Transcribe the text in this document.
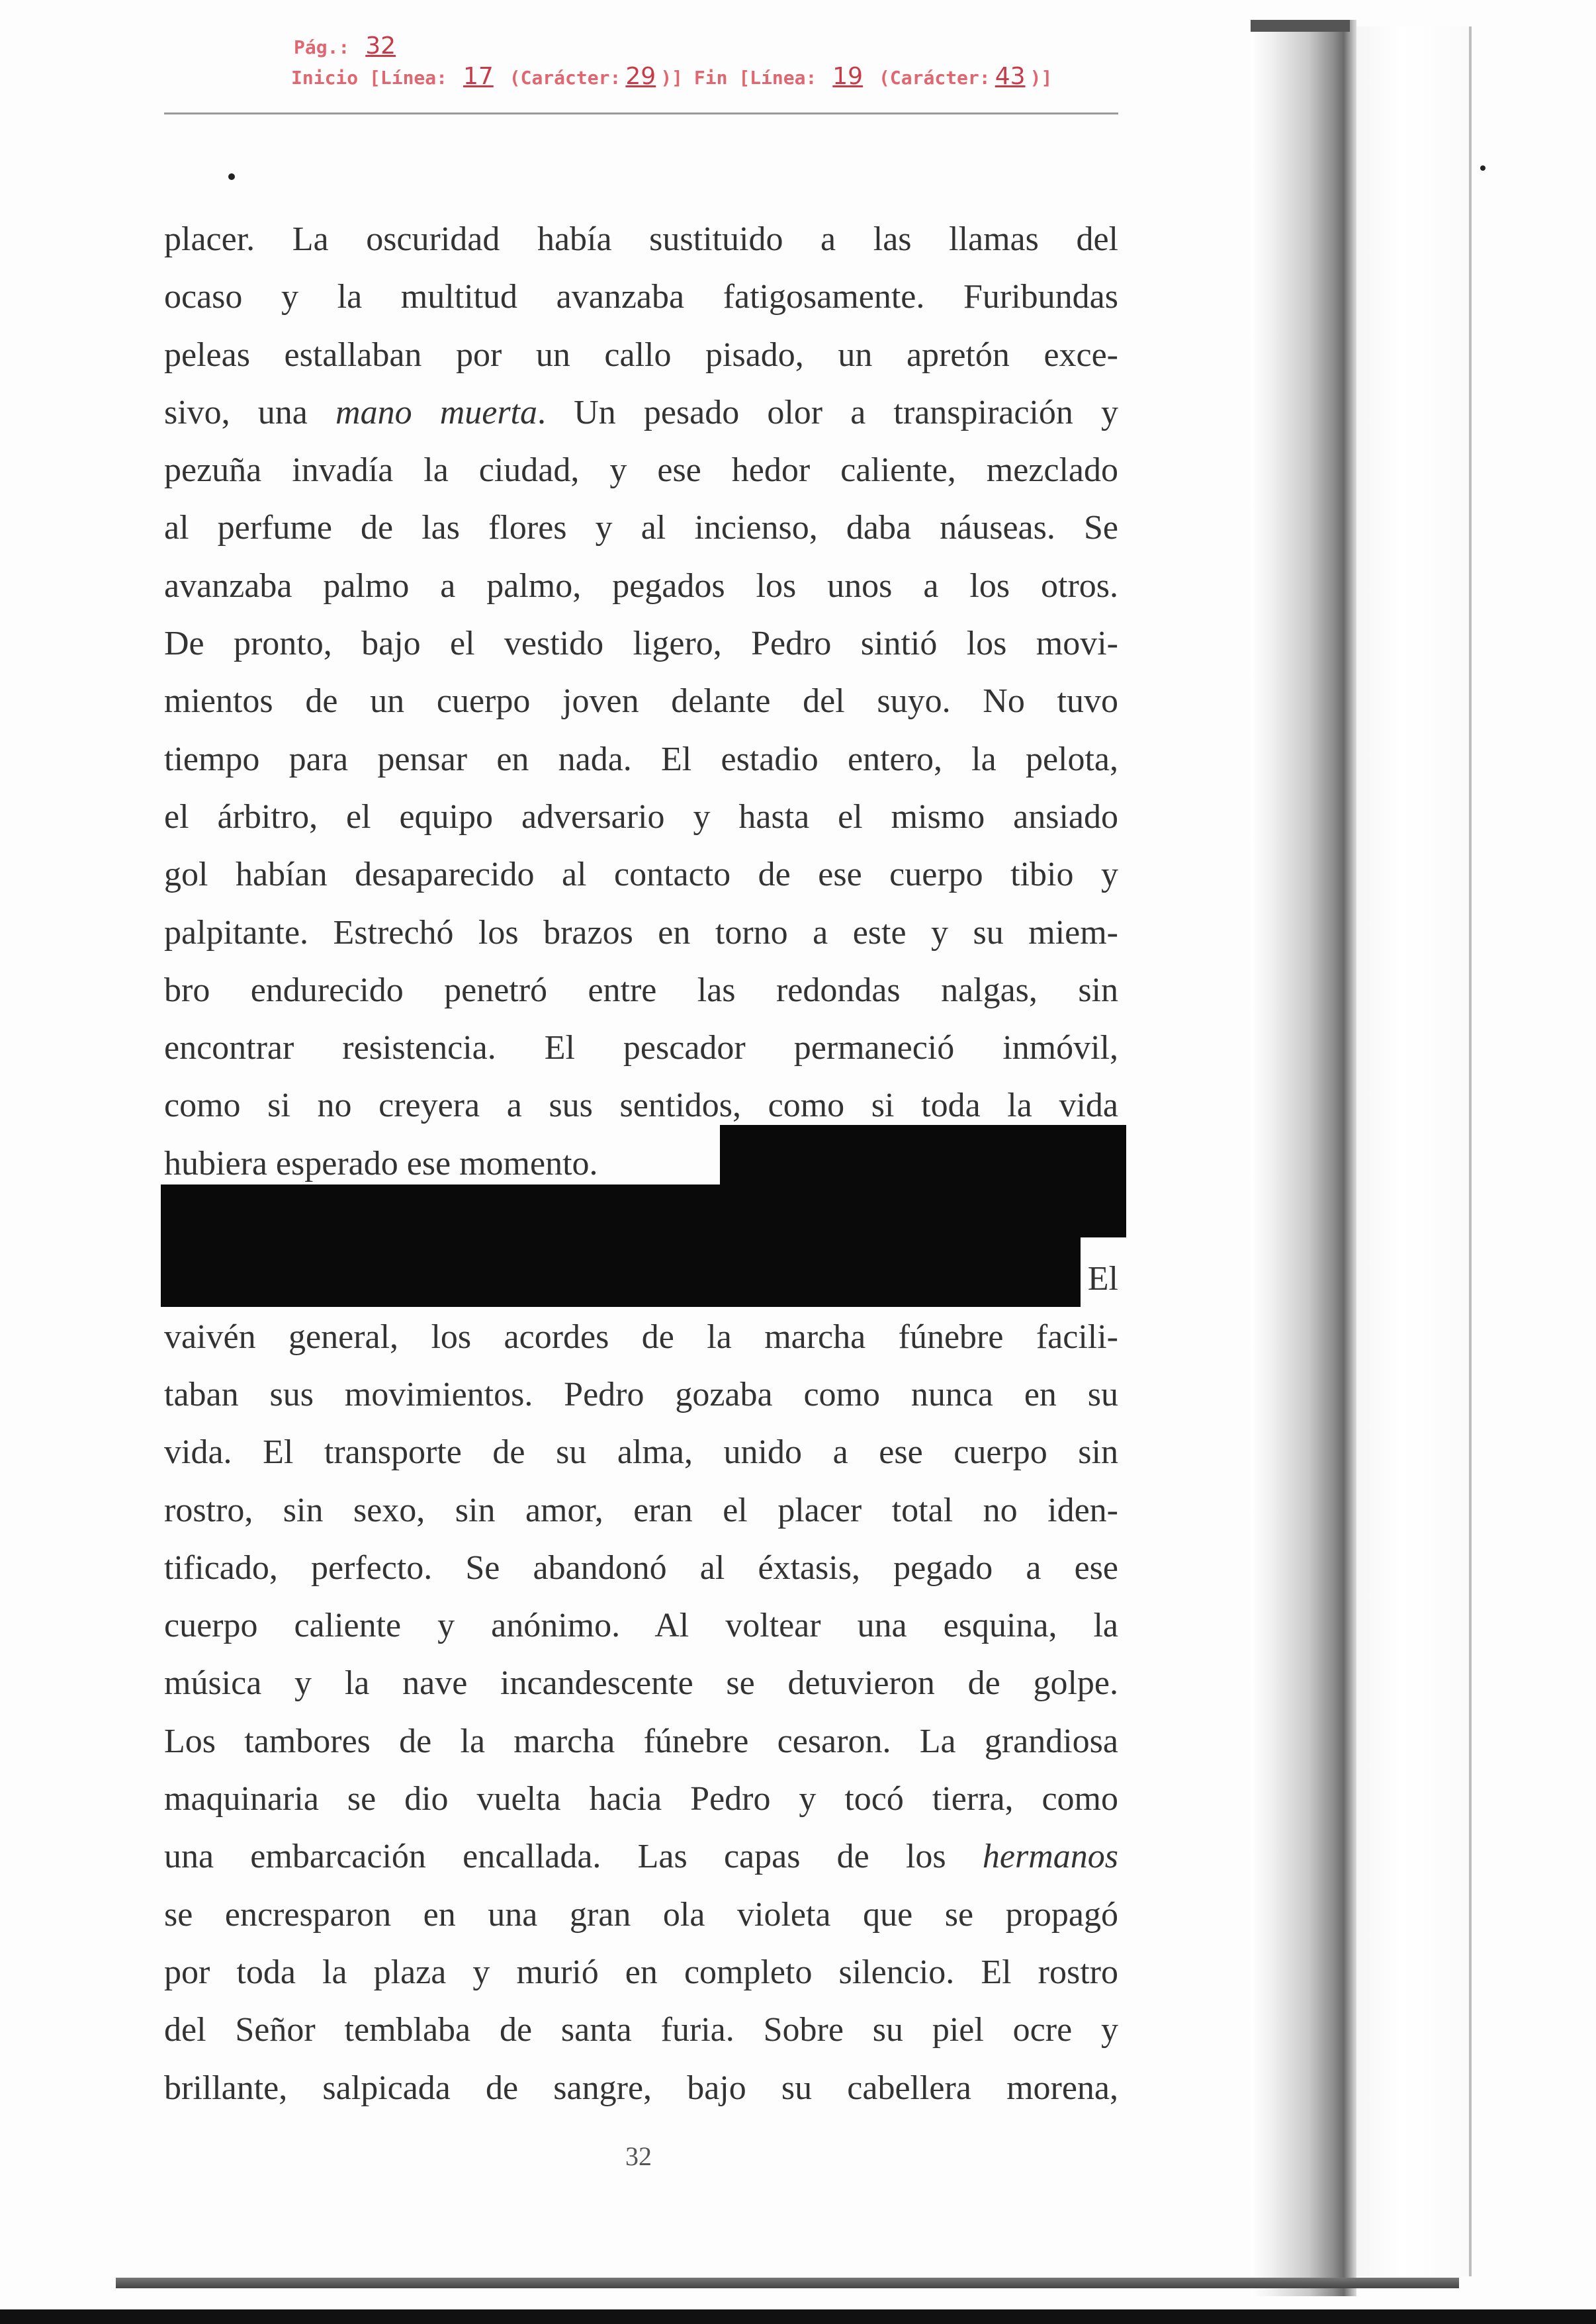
Pág.: 32
Inicio [Línea: 17 (Carácter: 29 )] Fin [Línea: 19 (Carácter: 43 )]
placer. La oscuridad había sustituido a las llamas del
ocaso y la multitud avanzaba fatigosamente. Furibundas
peleas estallaban por un callo pisado, un apretón exce-
sivo, una mano muerta. Un pesado olor a transpiración y
pezuña invadía la ciudad, y ese hedor caliente, mezclado
al perfume de las flores y al incienso, daba náuseas. Se
avanzaba palmo a palmo, pegados los unos a los otros.
De pronto, bajo el vestido ligero, Pedro sintió los movi-
mientos de un cuerpo joven delante del suyo. No tuvo
tiempo para pensar en nada. El estadio entero, la pelota,
el árbitro, el equipo adversario y hasta el mismo ansiado
gol habían desaparecido al contacto de ese cuerpo tibio y
palpitante. Estrechó los brazos en torno a este y su miem-
bro endurecido penetró entre las redondas nalgas, sin
encontrar resistencia. El pescador permaneció inmóvil,
como si no creyera a sus sentidos, como si toda la vida
hubiera esperado ese momento.
El
vaivén general, los acordes de la marcha fúnebre facili-
taban sus movimientos. Pedro gozaba como nunca en su
vida. El transporte de su alma, unido a ese cuerpo sin
rostro, sin sexo, sin amor, eran el placer total no iden-
tificado, perfecto. Se abandonó al éxtasis, pegado a ese
cuerpo caliente y anónimo. Al voltear una esquina, la
música y la nave incandescente se detuvieron de golpe.
Los tambores de la marcha fúnebre cesaron. La grandiosa
maquinaria se dio vuelta hacia Pedro y tocó tierra, como
una embarcación encallada. Las capas de los hermanos
se encresparon en una gran ola violeta que se propagó
por toda la plaza y murió en completo silencio. El rostro
del Señor temblaba de santa furia. Sobre su piel ocre y
brillante, salpicada de sangre, bajo su cabellera morena,
32
